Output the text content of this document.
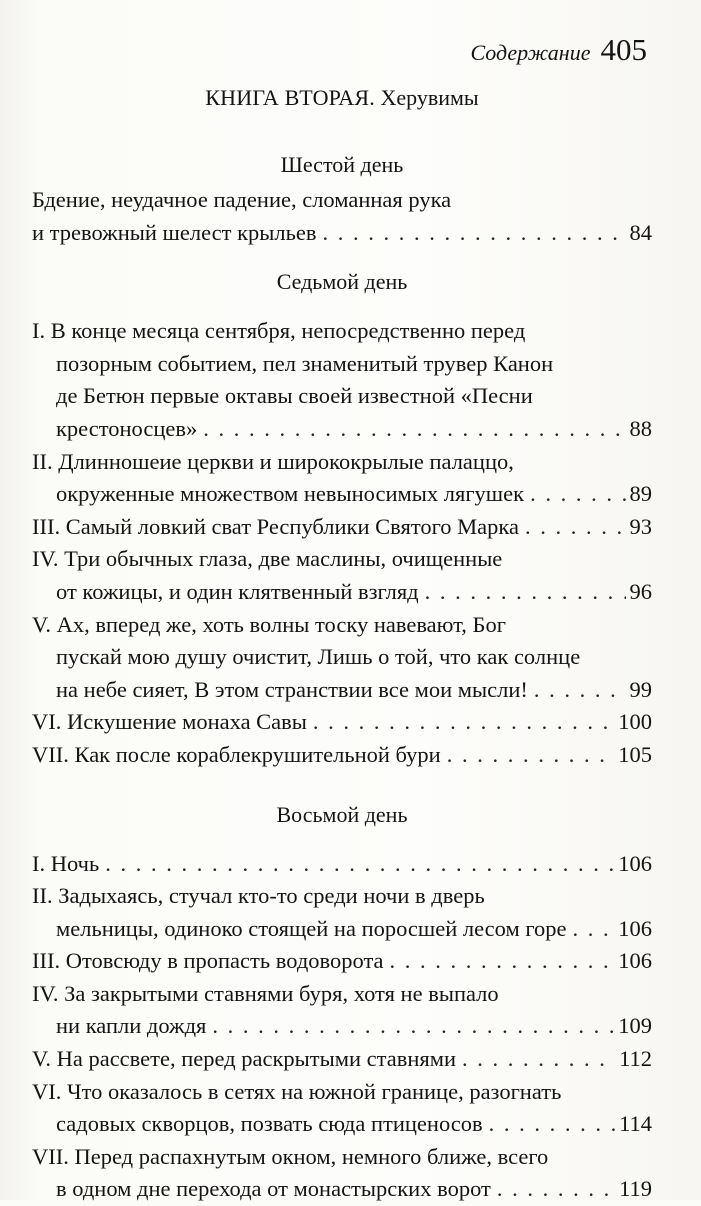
Содержание 405
КНИГА ВТОРАЯ. Херувимы
Шестой день
Бдение, неудачное падение, сломанная рука
и тревожный шелест крыльев . . .	84
Седьмой день
I. В конце месяца сентября, непосредственно перед
позорным событием, пел знаменитый трувер Канон
де Бетюн первые октавы своей известной «Песни
крестоносцев» . . .	88
II. Длинношеие церкви и ширококрылые палаццо,
окруженные множеством невыносимых лягушек . . .	89
III. Самый ловкий сват Республики Святого Марка . . .	93
IV. Три обычных глаза, две маслины, очищенные
от кожицы, и один клятвенный взгляд . . .	96
V. Ах, вперед же, хоть волны тоску навевают, Бог
пускай мою душу очистит, Лишь о той, что как солнце
на небе сияет, В этом странствии все мои мысли! . . .	99
VI. Искушение монаха Савы . . .	100
VII. Как после кораблекрушительной бури . . .	105
Восьмой день
I. Ночь . . .	106
II. Задыхаясь, стучал кто-то среди ночи в дверь
мельницы, одиноко стоящей на поросшей лесом горе . . . 106
III. Отовсюду в пропасть водоворота . . .	106
IV. За закрытыми ставнями буря, хотя не выпало
ни капли дождя . . .	109
V. На рассвете, перед раскрытыми ставнями . . .	112
VI. Что оказалось в сетях на южной границе, разогнать
садовых скворцов, позвать сюда птиценосов . . .	114
VII. Перед распахнутым окном, немного ближе, всего
в одном дне перехода от монастырских ворот . . .	119
